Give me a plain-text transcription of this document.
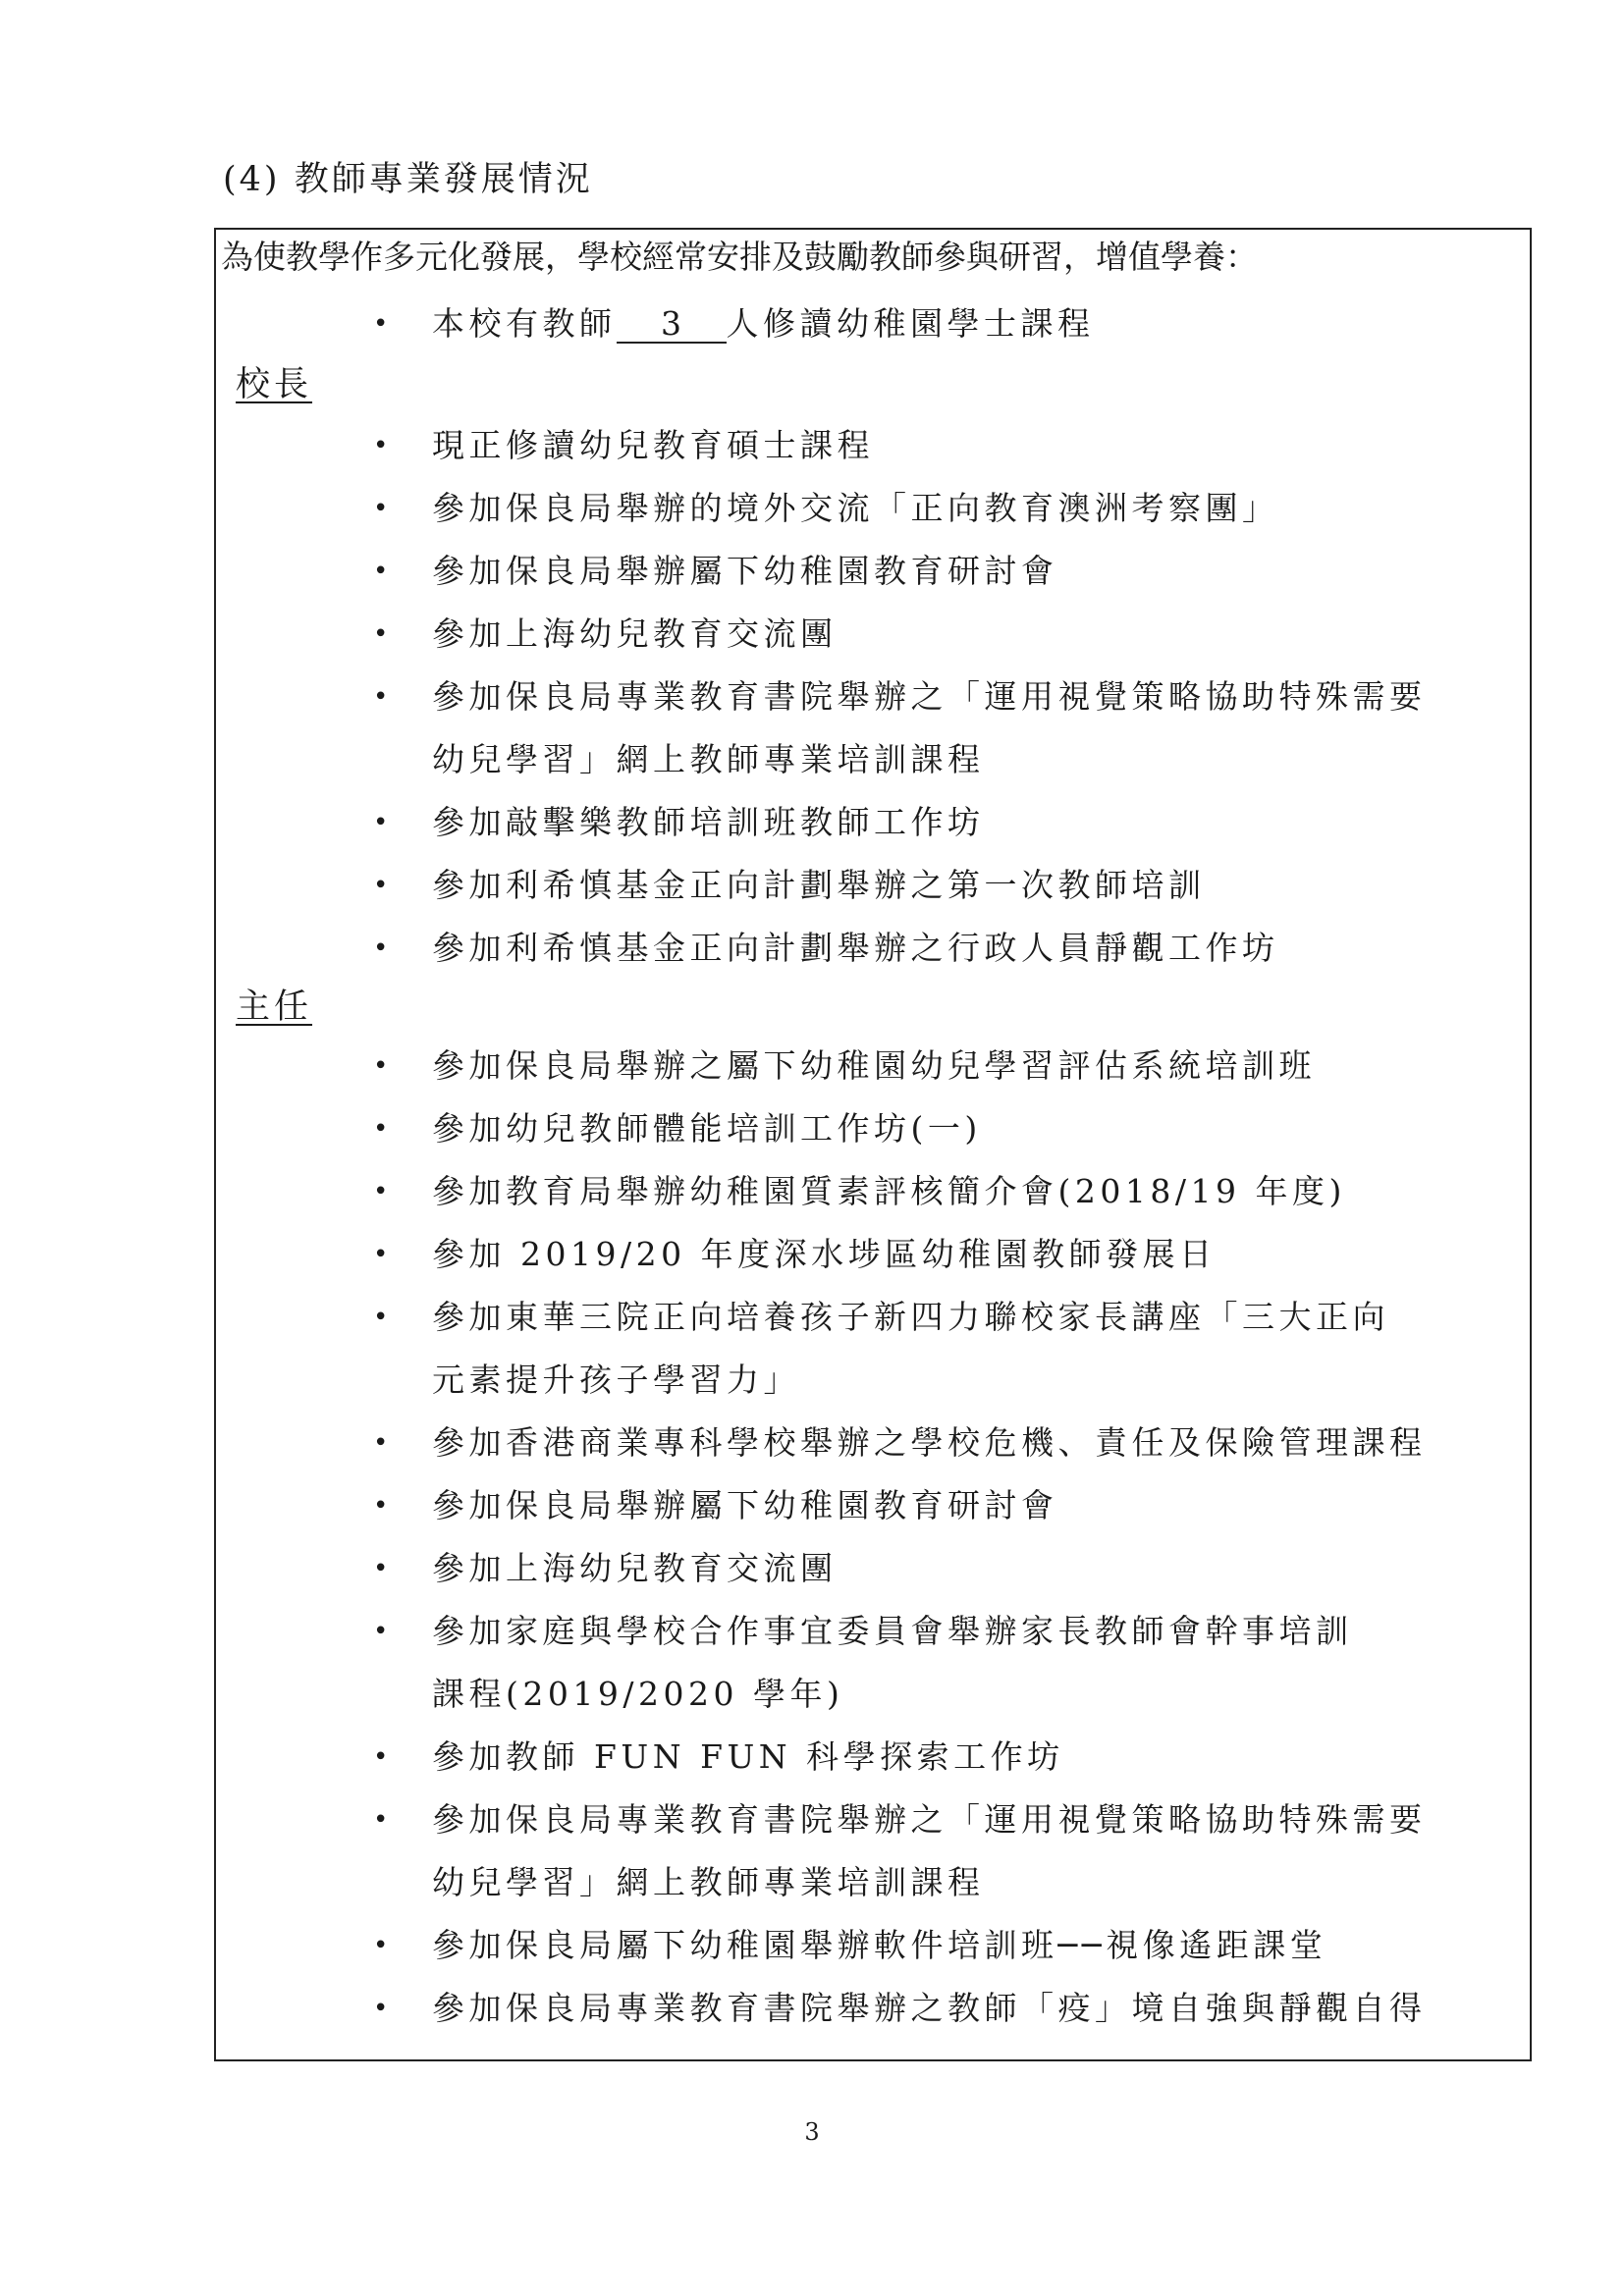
(4) 教師專業發展情況
為使教學作多元化發展，學校經常安排及鼓勵教師參與研習，增值學養：
• 本校有教師 3 人修讀幼稚園學士課程
校長
• 現正修讀幼兒教育碩士課程
• 參加保良局舉辦的境外交流「正向教育澳洲考察團」
• 參加保良局舉辦屬下幼稚園教育研討會
• 參加上海幼兒教育交流團
• 參加保良局專業教育書院舉辦之「運用視覺策略協助特殊需要
幼兒學習」網上教師專業培訓課程
• 參加敲擊樂教師培訓班教師工作坊
• 參加利希慎基金正向計劃舉辦之第一次教師培訓
• 參加利希慎基金正向計劃舉辦之行政人員靜觀工作坊
主任
• 參加保良局舉辦之屬下幼稚園幼兒學習評估系統培訓班
• 參加幼兒教師體能培訓工作坊(一)
• 參加教育局舉辦幼稚園質素評核簡介會(2018/19 年度)
• 參加 2019/20 年度深水埗區幼稚園教師發展日
• 參加東華三院正向培養孩子新四力聯校家長講座「三大正向
元素提升孩子學習力」
• 參加香港商業專科學校舉辦之學校危機、責任及保險管理課程
• 參加保良局舉辦屬下幼稚園教育研討會
• 參加上海幼兒教育交流團
• 參加家庭與學校合作事宜委員會舉辦家長教師會幹事培訓
課程(2019/2020 學年)
• 參加教師 FUN FUN 科學探索工作坊
• 參加保良局專業教育書院舉辦之「運用視覺策略協助特殊需要
幼兒學習」網上教師專業培訓課程
• 參加保良局屬下幼稚園舉辦軟件培訓班──視像遙距課堂
• 參加保良局專業教育書院舉辦之教師「疫」境自強與靜觀自得
3
